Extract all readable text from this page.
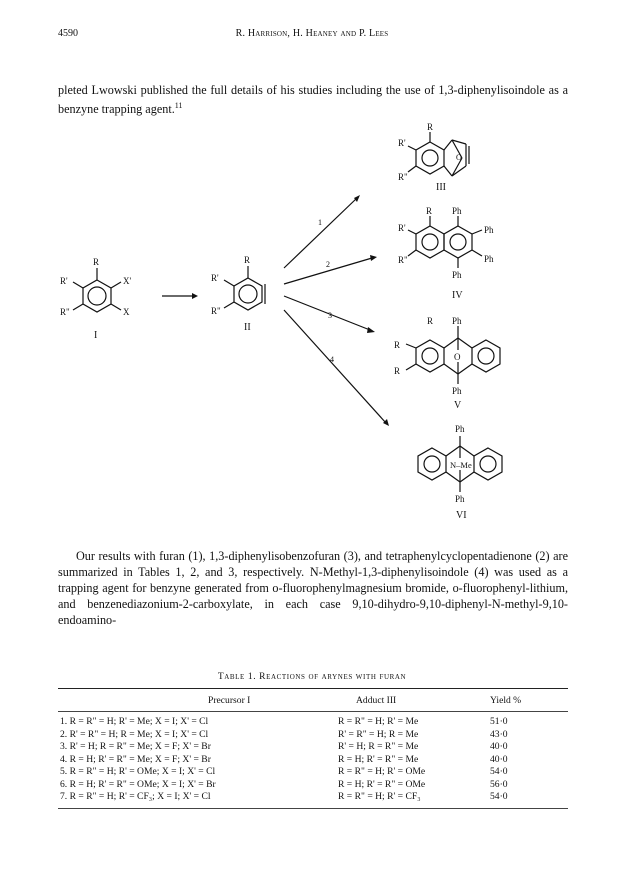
4590	R. Harrison, H. Heaney and P. Lees
pleted Lwowski published the full details of his studies including the use of 1,3-diphenylisoindole as a benzyne trapping agent.$^{11}$
R
R'	X'
R"	X
I
R
R'
R"
II
1
2
3
4
R
R'
O
R"
III
R Ph
Ph
Ph
Ph
R'
R"
IV
R Ph
O
Ph
R
R
V
Ph
N–Me
Ph
VI
Our results with furan (1), 1,3-diphenylisobenzofuran (3), and tetraphenylcyclopentadienone (2) are summarized in Tables 1, 2, and 3, respectively. N-Methyl-1,3-diphenylisoindole (4) was used as a trapping agent for benzyne generated from o-fluorophenylmagnesium bromide, o-fluorophenyl-lithium, and benzenediazonium-2-carboxylate, in each case 9,10-dihydro-9,10-diphenyl-N-methyl-9,10-endoamino-
Table 1. Reactions of arynes with furan
Precursor I	Adduct III	Yield %
1. R = R" = H; R' = Me; X = I; X' = Cl	R = R" = H; R' = Me	51·0
2. R' = R" = H; R = Me; X = I; X' = Cl	R' = R" = H; R = Me	43·0
3. R' = H; R = R" = Me; X = F; X' = Br	R' = H; R = R" = Me	40·0
4. R = H; R' = R" = Me; X = F; X' = Br	R = H; R' = R" = Me	40·0
5. R = R" = H; R' = OMe; X = I; X' = Cl	R = R" = H; R' = OMe	54·0
6. R = H; R' = R" = OMe; X = I; X' = Br	R = H; R' = R" = OMe	56·0
7. R = R" = H; R' = CF₃; X = I; X' = Cl	R = R" = H; R' = CF₃	54·0
